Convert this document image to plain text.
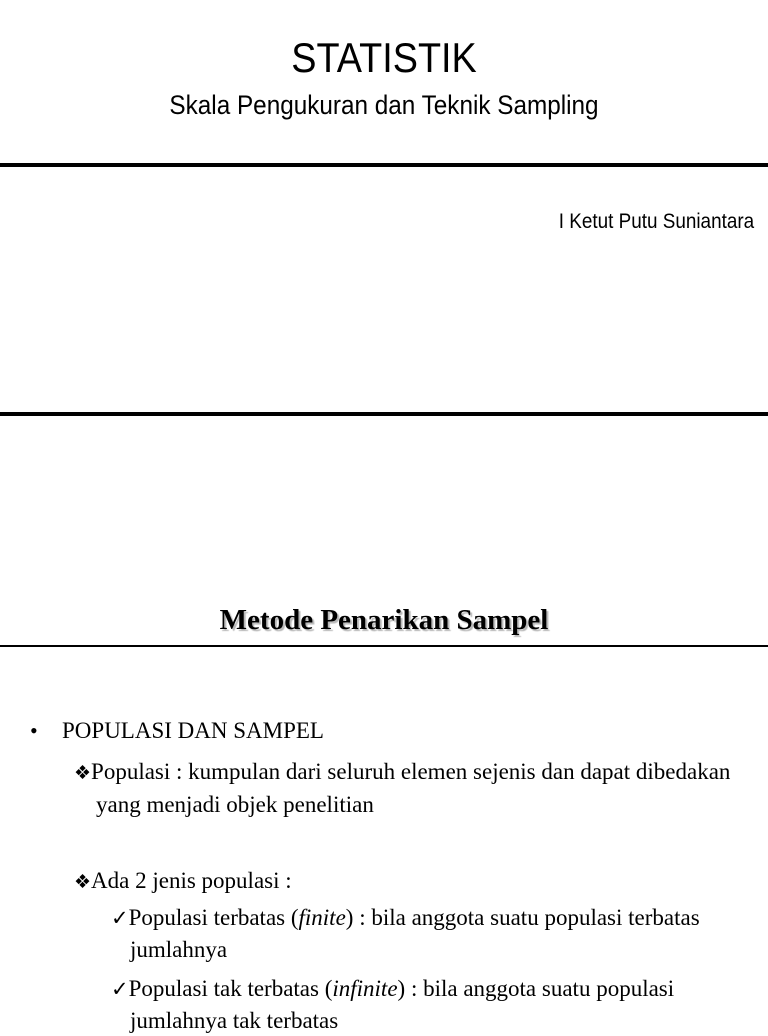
STATISTIK
Skala Pengukuran dan Teknik Sampling
I Ketut Putu Suniantara
Metode Penarikan Sampel
• POPULASI DAN SAMPEL
❖Populasi : kumpulan dari seluruh elemen sejenis dan dapat dibedakan yang menjadi objek penelitian
❖Ada 2 jenis populasi :
✓Populasi terbatas (finite) : bila anggota suatu populasi terbatas jumlahnya
✓Populasi tak terbatas (infinite) : bila anggota suatu populasi jumlahnya tak terbatas
